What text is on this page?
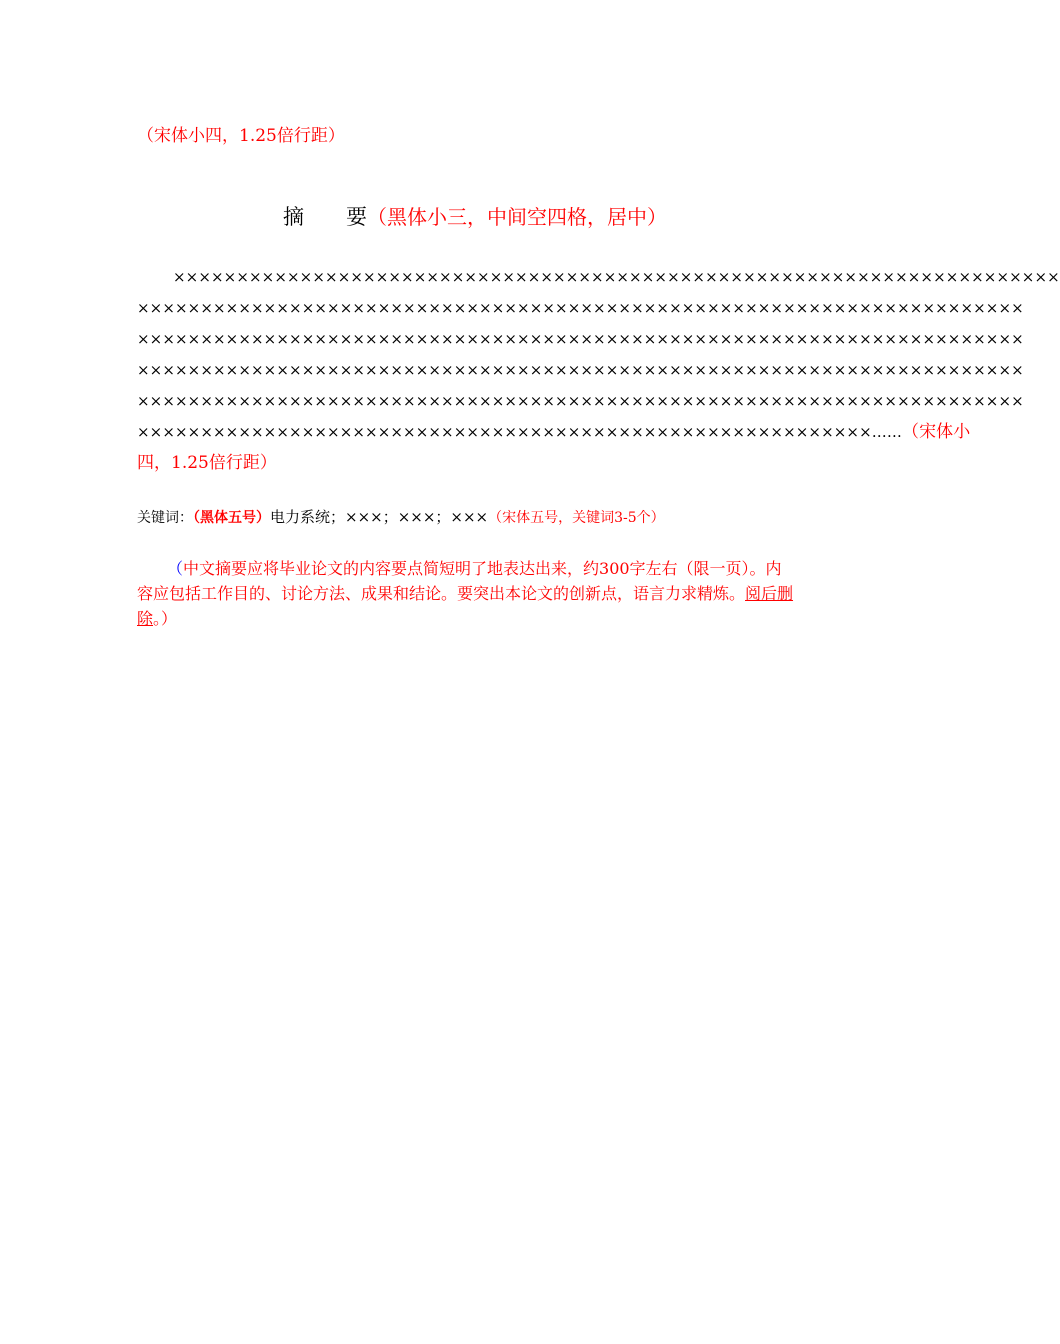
（宋体小四，1.25倍行距）
摘 要（黑体小三，中间空四格，居中）
××××××××××××××××××××××××××××××××××××××××××××××××××××××××××××××××××××××
××××××××××××××××××××××××××××××××××××××××××××××××××××××××××××××××××××××
××××××××××××××××××××××××××××××××××××××××××××××××××××××××××××××××××××××
××××××××××××××××××××××××××××××××××××××××××××××××××××××××××××××××××××××
××××××××××××××××××××××××××××××××××××××××××××××××××××××××××××××××××××××
××××××××××××××××××××××××××××××××××××××××××××××××××××××××××……（宋体小
四，1.25倍行距）
关键词：（黑体五号）电力系统；×××；×××；×××（宋体五号，关键词3-5个）
（中文摘要应将毕业论文的内容要点简短明了地表达出来，约300字左右（限一页）。内
容应包括工作目的、讨论方法、成果和结论。要突出本论文的创新点，语言力求精炼。阅后删
除。）
